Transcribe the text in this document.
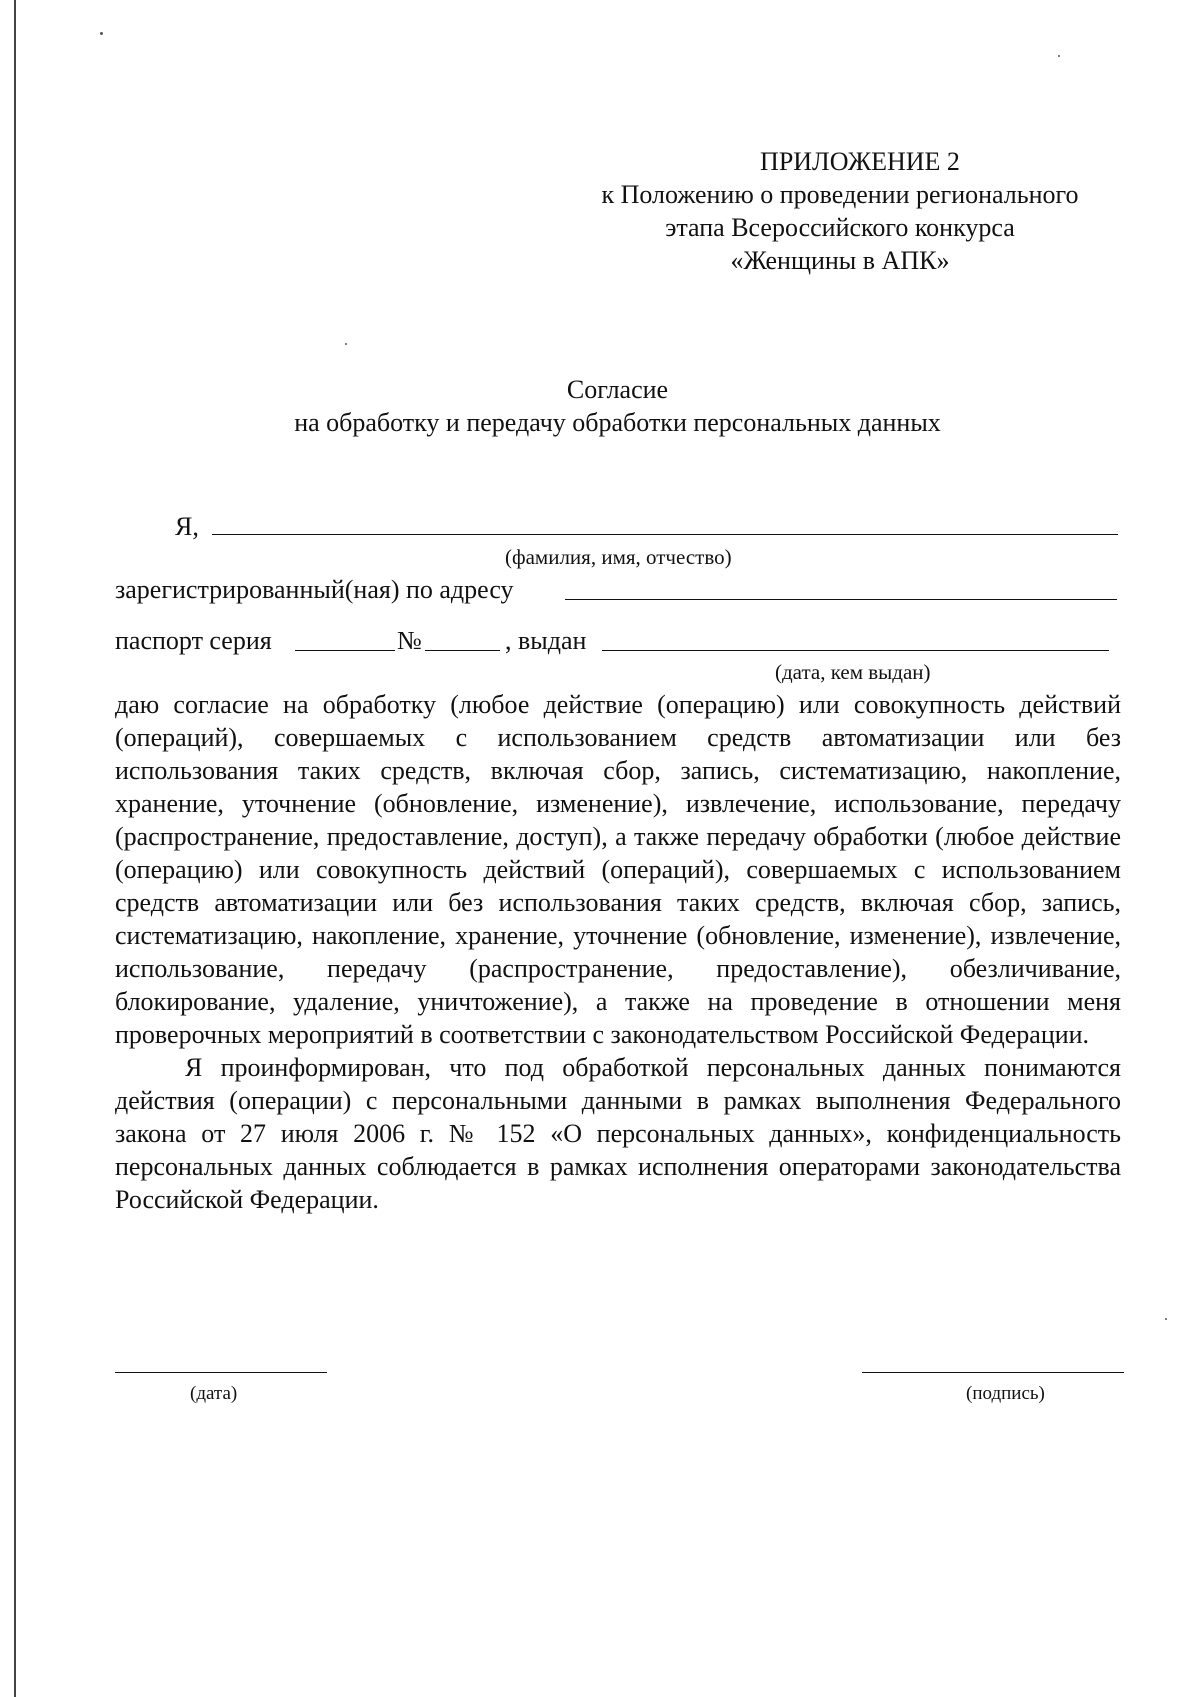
ПРИЛОЖЕНИЕ 2
к Положению о проведении регионального
этапа Всероссийского конкурса
«Женщины в АПК»
Согласие
на обработку и передачу обработки персональных данных
Я,
(фамилия, имя, отчество)
зарегистрированный(ная) по адресу
паспорт серия	№	, выдан
(дата, кем выдан)

даю согласие на обработку (любое действие (операцию) или совокупность действий (операций), совершаемых с использованием средств автоматизации или без использования таких средств, включая сбор, запись, систематизацию, накопление, хранение, уточнение (обновление, изменение), извлечение, использование, передачу (распространение, предоставление, доступ), а также передачу обработки (любое действие (операцию) или совокупность действий (операций), совершаемых с использованием средств автоматизации или без использования таких средств, включая сбор, запись, систематизацию, накопление, хранение, уточнение (обновление, изменение), извлечение, использование, передачу (распространение, предоставление), обезличивание, блокирование, удаление, уничтожение), а также на проведение в отношении меня проверочных мероприятий в соответствии с законодательством Российской Федерации.

Я проинформирован, что под обработкой персональных данных понимаются действия (операции) с персональными данными в рамках выполнения Федерального закона от 27 июля 2006 г. № 152 «О персональных данных», конфиденциальность персональных данных соблюдается в рамках исполнения операторами законодательства Российской Федерации.

(дата)	(подпись)
